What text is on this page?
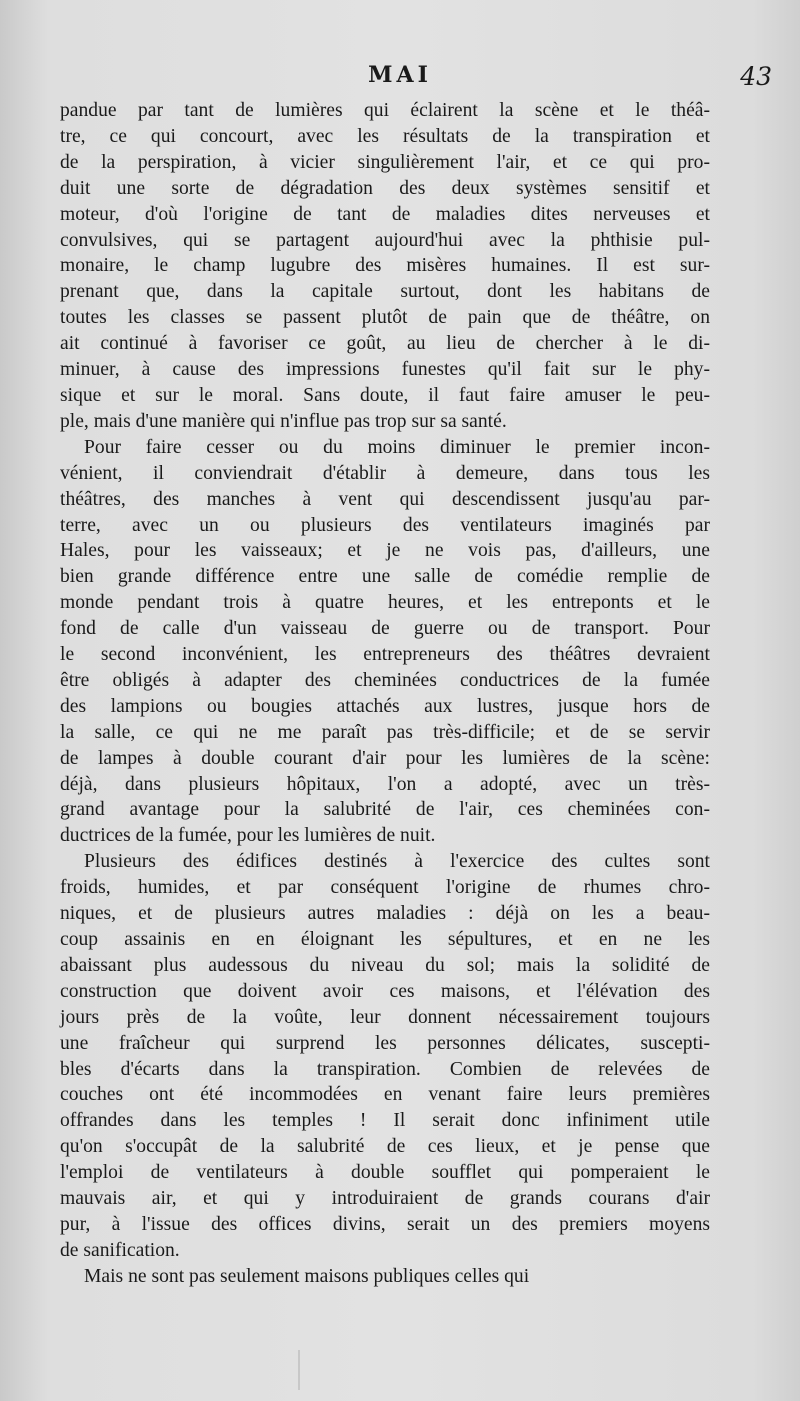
MAI	43
pandue par tant de lumières qui éclairent la scène et le théâ-
tre, ce qui concourt, avec les résultats de la transpiration et
de la perspiration, à vicier singulièrement l'air, et ce qui pro-
duit une sorte de dégradation des deux systèmes sensitif et
moteur, d'où l'origine de tant de maladies dites nerveuses et
convulsives, qui se partagent aujourd'hui avec la phthisie pul-
monaire, le champ lugubre des misères humaines. Il est sur-
prenant que, dans la capitale surtout, dont les habitans de
toutes les classes se passent plutôt de pain que de théâtre, on
ait continué à favoriser ce goût, au lieu de chercher à le di-
minuer, à cause des impressions funestes qu'il fait sur le phy-
sique et sur le moral. Sans doute, il faut faire amuser le peu-
ple, mais d'une manière qui n'influe pas trop sur sa santé.
Pour faire cesser ou du moins diminuer le premier incon-
vénient, il conviendrait d'établir à demeure, dans tous les
théâtres, des manches à vent qui descendissent jusqu'au par-
terre, avec un ou plusieurs des ventilateurs imaginés par
Hales, pour les vaisseaux; et je ne vois pas, d'ailleurs, une
bien grande différence entre une salle de comédie remplie de
monde pendant trois à quatre heures, et les entreponts et le
fond de calle d'un vaisseau de guerre ou de transport. Pour
le second inconvénient, les entrepreneurs des théâtres devraient
être obligés à adapter des cheminées conductrices de la fumée
des lampions ou bougies attachés aux lustres, jusque hors de
la salle, ce qui ne me paraît pas très-difficile; et de se servir
de lampes à double courant d'air pour les lumières de la scène:
déjà, dans plusieurs hôpitaux, l'on a adopté, avec un très-
grand avantage pour la salubrité de l'air, ces cheminées con-
ductrices de la fumée, pour les lumières de nuit.
Plusieurs des édifices destinés à l'exercice des cultes sont
froids, humides, et par conséquent l'origine de rhumes chro-
niques, et de plusieurs autres maladies : déjà on les a beau-
coup assainis en en éloignant les sépultures, et en ne les
abaissant plus audessous du niveau du sol; mais la solidité de
construction que doivent avoir ces maisons, et l'élévation des
jours près de la voûte, leur donnent nécessairement toujours
une fraîcheur qui surprend les personnes délicates, suscepti-
bles d'écarts dans la transpiration. Combien de relevées de
couches ont été incommodées en venant faire leurs premières
offrandes dans les temples ! Il serait donc infiniment utile
qu'on s'occupât de la salubrité de ces lieux, et je pense que
l'emploi de ventilateurs à double soufflet qui pomperaient le
mauvais air, et qui y introduiraient de grands courans d'air
pur, à l'issue des offices divins, serait un des premiers moyens
de sanification.
Mais ne sont pas seulement maisons publiques celles qui
